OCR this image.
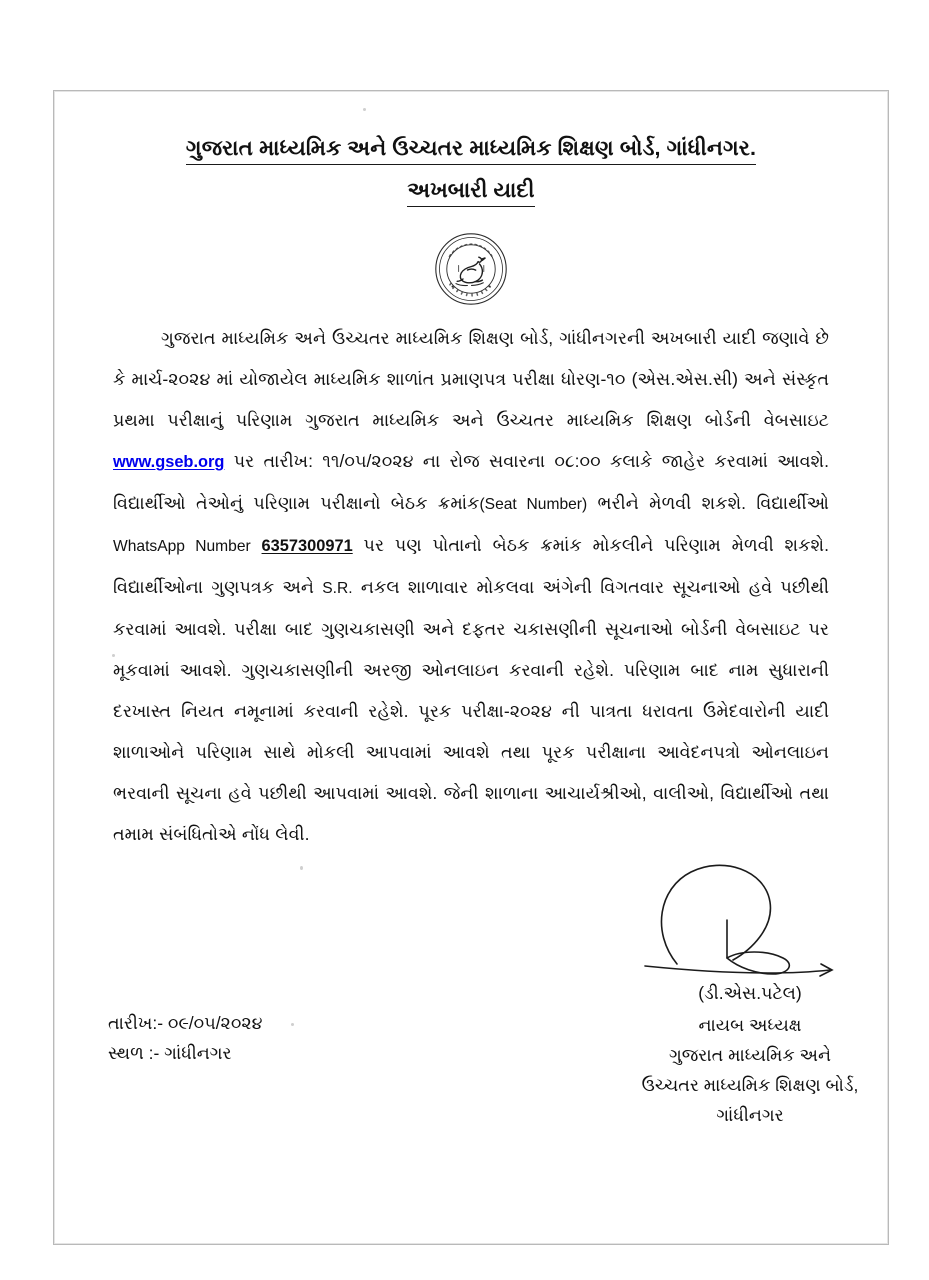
ગુજરાત માધ્યમિક અને ઉચ્ચતર માધ્યમિક શિક્ષણ બોર્ડ, ગાંધીનગર.
અખબારી યાદી
ગુજરાત માધ્યમિક અને ઉચ્ચતર માધ્યમિક શિક્ષણ બોર્ડ, ગાંધીનગરની અખબારી યાદી જણાવે છે કે માર્ચ-૨૦૨૪ માં યોજાયેલ માધ્યમિક શાળાંત પ્રમાણપત્ર પરીક્ષા ધોરણ-૧૦ (એસ.એસ.સી) અને સંસ્કૃત પ્રથમા પરીક્ષાનું પરિણામ ગુજરાત માધ્યમિક અને ઉચ્ચતર માધ્યમિક શિક્ષણ બોર્ડની વેબસાઇટ www.gseb.org પર તારીખ: ૧૧/૦૫/૨૦૨૪ ના રોજ સવારના ૦૮:૦૦ કલાકે જાહેર કરવામાં આવશે. વિદ્યાર્થીઓ તેઓનું પરિણામ પરીક્ષાનો બેઠક ક્રમાંક(Seat Number) ભરીને મેળવી શકશે. વિદ્યાર્થીઓ WhatsApp Number 6357300971 પર પણ પોતાનો બેઠક ક્રમાંક મોકલીને પરિણામ મેળવી શકશે. વિદ્યાર્થીઓના ગુણપત્રક અને S.R. નકલ શાળાવાર મોકલવા અંગેની વિગતવાર સૂચનાઓ હવે પછીથી કરવામાં આવશે. પરીક્ષા બાદ ગુણચકાસણી અને દફતર ચકાસણીની સૂચનાઓ બોર્ડની વેબસાઇટ પર મૂકવામાં આવશે. ગુણચકાસણીની અરજી ઓનલાઇન કરવાની રહેશે. પરિણામ બાદ નામ સુધારાની દરખાસ્ત નિયત નમૂનામાં કરવાની રહેશે. પૂરક પરીક્ષા-૨૦૨૪ ની પાત્રતા ધરાવતા ઉમેદવારોની યાદી શાળાઓને પરિણામ સાથે મોકલી આપવામાં આવશે તથા પૂરક પરીક્ષાના આવેદનપત્રો ઓનલાઇન ભરવાની સૂચના હવે પછીથી આપવામાં આવશે. જેની શાળાના આચાર્યશ્રીઓ, વાલીઓ, વિદ્યાર્થીઓ તથા તમામ સંબંધિતોએ નોંધ લેવી.
(ડી.એસ.પટેલ)
નાયબ અધ્યક્ષ
ગુજરાત માધ્યમિક અને
ઉચ્ચતર માધ્યમિક શિક્ષણ બોર્ડ,
ગાંધીનગર
તારીખ:- ૦૯/૦૫/૨૦૨૪
સ્થળ :- ગાંધીનગર
